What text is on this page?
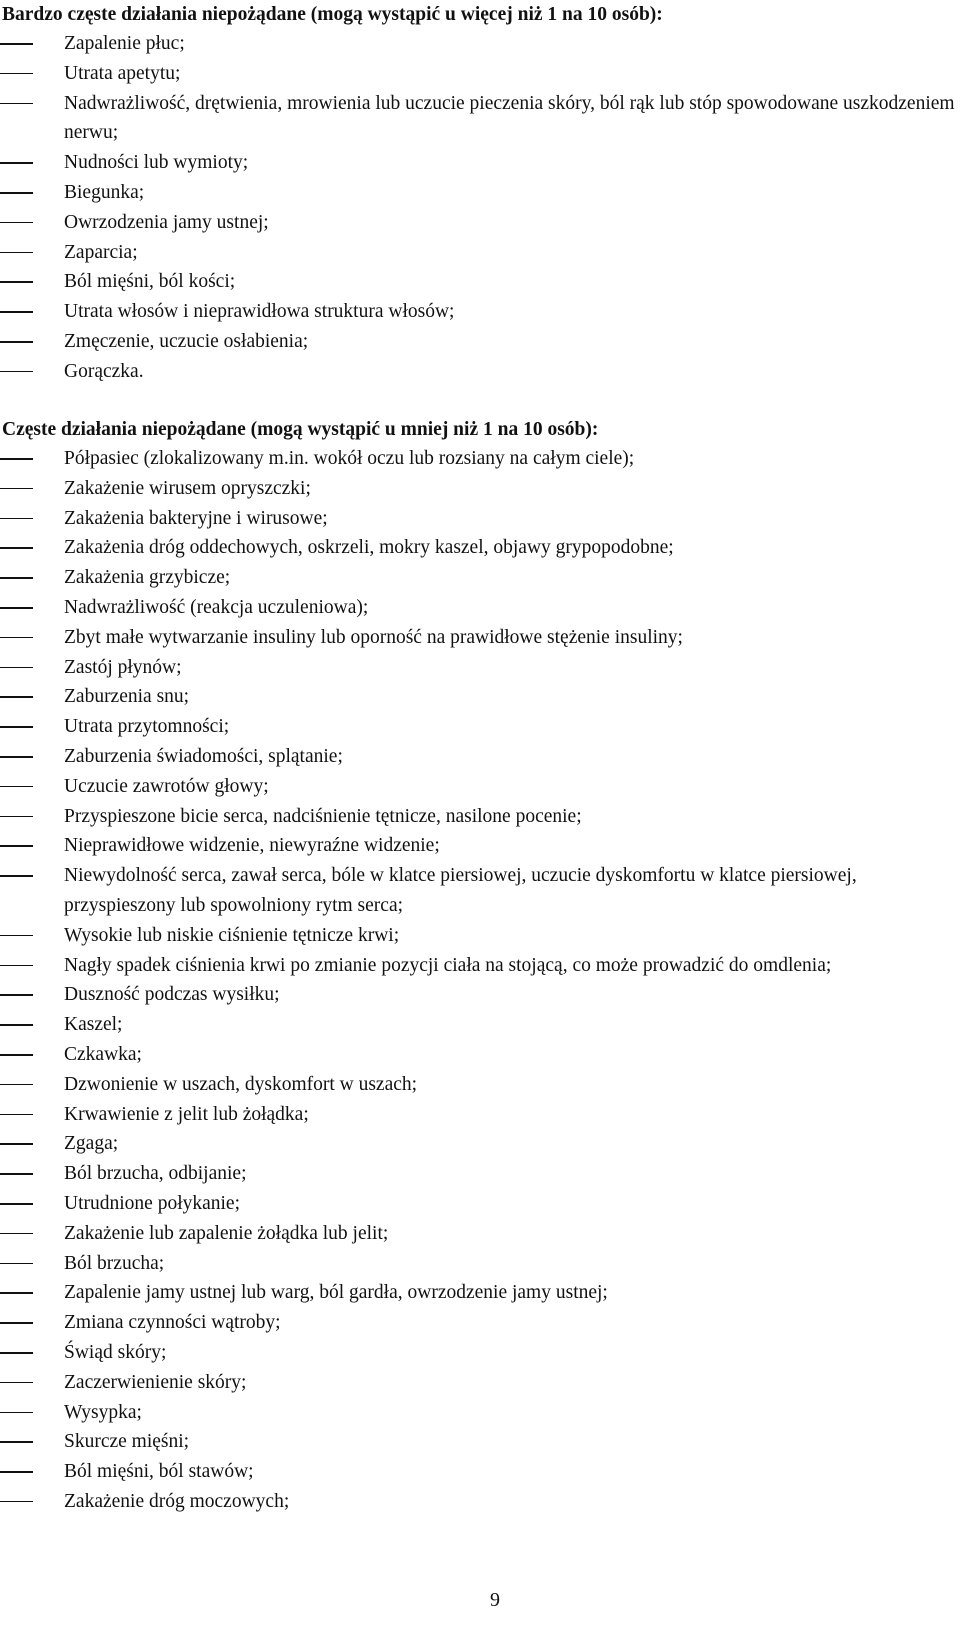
Bardzo częste działania niepożądane (mogą wystąpić u więcej niż 1 na 10 osób):
Zapalenie płuc;
Utrata apetytu;
Nadwrażliwość, drętwienia, mrowienia lub uczucie pieczenia skóry, ból rąk lub stóp spowodowane uszkodzeniem nerwu;
Nudności lub wymioty;
Biegunka;
Owrzodzenia jamy ustnej;
Zaparcia;
Ból mięśni, ból kości;
Utrata włosów i nieprawidłowa struktura włosów;
Zmęczenie, uczucie osłabienia;
Gorączka.
Częste działania niepożądane (mogą wystąpić u mniej niż 1 na 10 osób):
Półpasiec (zlokalizowany m.in. wokół oczu lub rozsiany na całym ciele);
Zakażenie wirusem opryszczki;
Zakażenia bakteryjne i wirusowe;
Zakażenia dróg oddechowych, oskrzeli, mokry kaszel, objawy grypopodobne;
Zakażenia grzybicze;
Nadwrażliwość (reakcja uczuleniowa);
Zbyt małe wytwarzanie insuliny lub oporność na prawidłowe stężenie insuliny;
Zastój płynów;
Zaburzenia snu;
Utrata przytomności;
Zaburzenia świadomości, splątanie;
Uczucie zawrotów głowy;
Przyspieszone bicie serca, nadciśnienie tętnicze, nasilone pocenie;
Nieprawidłowe widzenie, niewyraźne widzenie;
Niewydolność serca, zawał serca, bóle w klatce piersiowej, uczucie dyskomfortu w klatce piersiowej, przyspieszony lub spowolniony rytm serca;
Wysokie lub niskie ciśnienie tętnicze krwi;
Nagły spadek ciśnienia krwi po zmianie pozycji ciała na stojącą, co może prowadzić do omdlenia;
Duszność podczas wysiłku;
Kaszel;
Czkawka;
Dzwonienie w uszach, dyskomfort w uszach;
Krwawienie z jelit lub żołądka;
Zgaga;
Ból brzucha, odbijanie;
Utrudnione połykanie;
Zakażenie lub zapalenie żołądka lub jelit;
Ból brzucha;
Zapalenie jamy ustnej lub warg, ból gardła, owrzodzenie jamy ustnej;
Zmiana czynności wątroby;
Świąd skóry;
Zaczerwienienie skóry;
Wysypka;
Skurcze mięśni;
Ból mięśni, ból stawów;
Zakażenie dróg moczowych;
9
